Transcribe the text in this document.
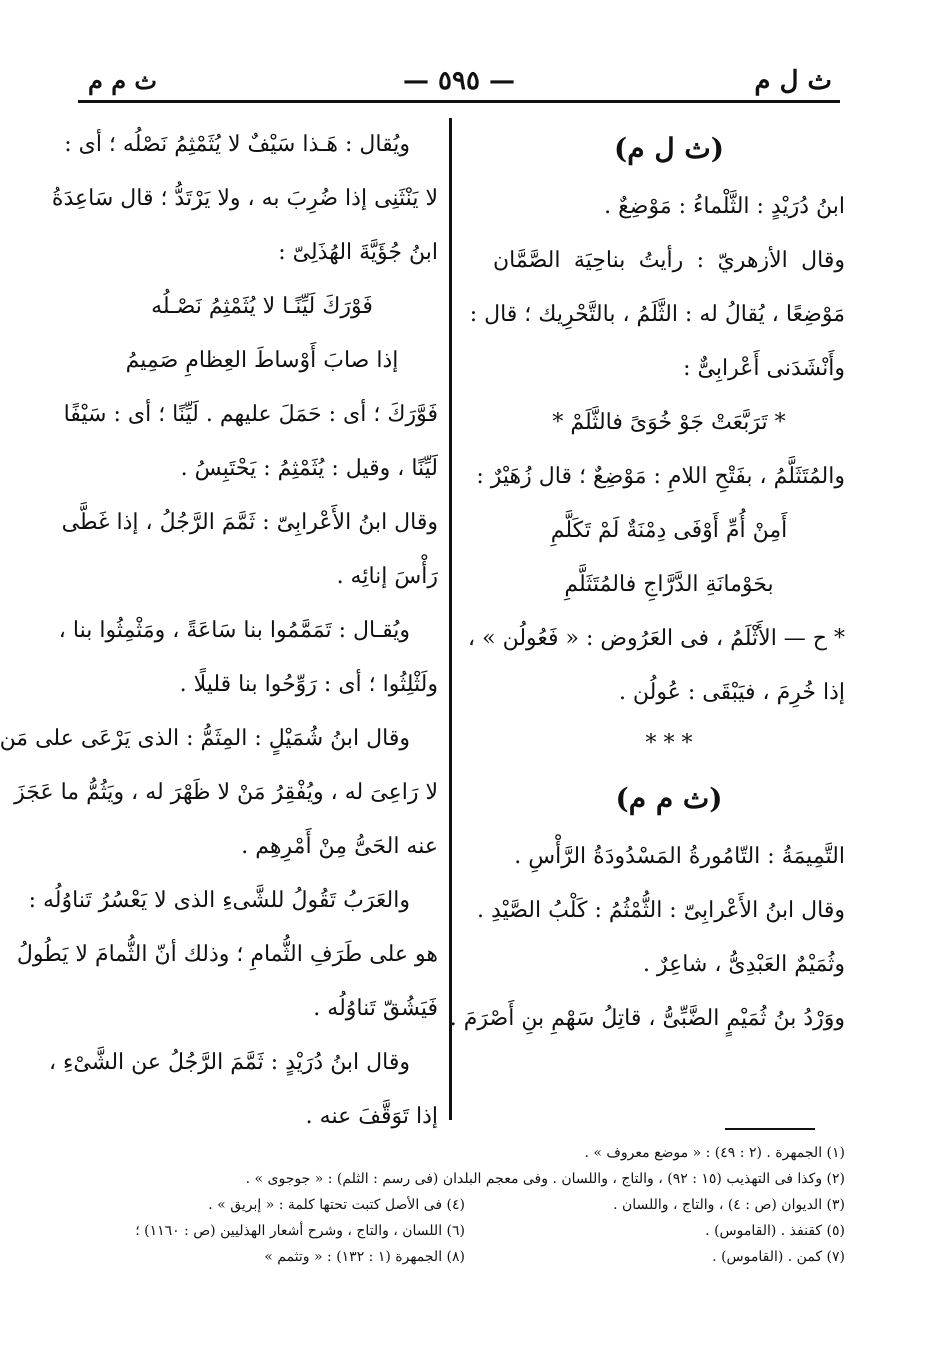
ث ل م
— ٥٩٥ —
ث م م
(ث ل م)
ابنُ دُرَيْدٍ : الثَّلْماءُ : مَوْضِعٌ .
وقال الأزهريّ : رأيتُ بناحِيَة الصَّمَّان
مَوْضِعًا ، يُقالُ له : الثَّلَمُ ، بالتَّحْرِيك ؛ قال :
وأَنْشَدَنى أَعْرابِىٌّ :
* تَرَبَّعَتْ جَوْ خُوَىً فالثَّلَمْ *
والمُتَثَلَّمُ ، بفَتْحِ اللامِ : مَوْضِعٌ ؛ قال زُهَيْرٌ :
أَمِنْ أُمِّ أَوْفَى دِمْنَةٌ لَمْ تَكَلَّمِ
بحَوْمانَةِ الدَّرَّاجِ فالمُتَثَلَّمِ
* ح — الأَثْلَمُ ، فى العَرُوض : « فَعُولُن » ،
إذا خُرِمَ ، فيَبْقَى : عُولُن .
* * *
(ث م م)
التَّمِيمَةُ : التّامُورةُ المَسْدُودَةُ الرَّأْسِ .
وقال ابنُ الأَعْرابِىّ : الثُّمْثُمُ : كَلْبُ الصَّيْدِ .
وثُمَيْمٌ العَبْدِىُّ ، شاعِرٌ .
ووَرْدُ بنُ ثُمَيْمٍ الضَّبِّىُّ ، قاتِلُ سَهْمِ بنِ أَصْرَمَ .
ويُقال : هَـذا سَيْفٌ لا يُثَمْثِمُ نَصْلُه ؛ أى :
لا يَنْثَنِى إذا ضُرِبَ به ، ولا يَرْتَدُّ ؛ قال سَاعِدَةُ
ابنُ جُؤَيَّةَ الهُذَلِىّ :
فَوْرَكَ لَيِّنًـا لا يُثَمْثِمُ نَصْـلُه
إذا صابَ أَوْساطَ العِظامِ صَمِيمُ
فَوَّرَكَ ؛ أى : حَمَلَ عليهم . لَيِّنًا ؛ أى : سَيْفًا
لَيِّنًا ، وقيل : يُثَمْثِمُ : يَحْتَبِسُ .
وقال ابنُ الأَعْرابِىّ : ثَمَّمَ الرَّجُلُ ، إذا غَطَّى
رَأْسَ إنائِه .
ويُقـال : تَمَمَّمُوا بنا سَاعَةً ، ومَثْمِثُوا بنا ،
ولَثْلِثُوا ؛ أى : رَوِّحُوا بنا قليلًا .
وقال ابنُ شُمَيْلٍ : المِثَمُّ : الذى يَرْعَى على مَن
لا رَاعِىَ له ، ويُفْقِرُ مَنْ لا ظَهْرَ له ، ويَثُمُّ ما عَجَزَ
عنه الحَىُّ مِنْ أَمْرِهِم .
والعَرَبُ تَقُولُ للشَّىءِ الذى لا يَعْسُرُ تَناوُلُه :
هو على طَرَفِ الثُّمامِ ؛ وذلك أنّ الثُّمامَ لا يَطُولُ
فَيَشُقّ تَناوُلُه .
وقال ابنُ دُرَيْدٍ : ثَمَّمَ الرَّجُلُ عن الشَّىْءِ ،
إذا تَوَقَّفَ عنه .
(١) الجمهرة . (٢ : ٤٩) : « موضع معروف » .
(٢) وكذا فى التهذيب (١٥ : ٩٢) ، والتاج ، واللسان . وفى معجم البلدان (فى رسم : الثلم) : « جوجوى » .
(٣) الديوان (ص : ٤) ، والتاج ، واللسان .
(٤) فى الأصل كتبت تحتها كلمة : « إبريق » .
(٥) كقنفذ . (القاموس) .
(٦) اللسان ، والتاج ، وشرح أشعار الهذليين (ص : ١١٦٠) ؛
(٧) كمن . (القاموس) .
(٨) الجمهرة (١ : ١٣٢) : « وتثمم »
